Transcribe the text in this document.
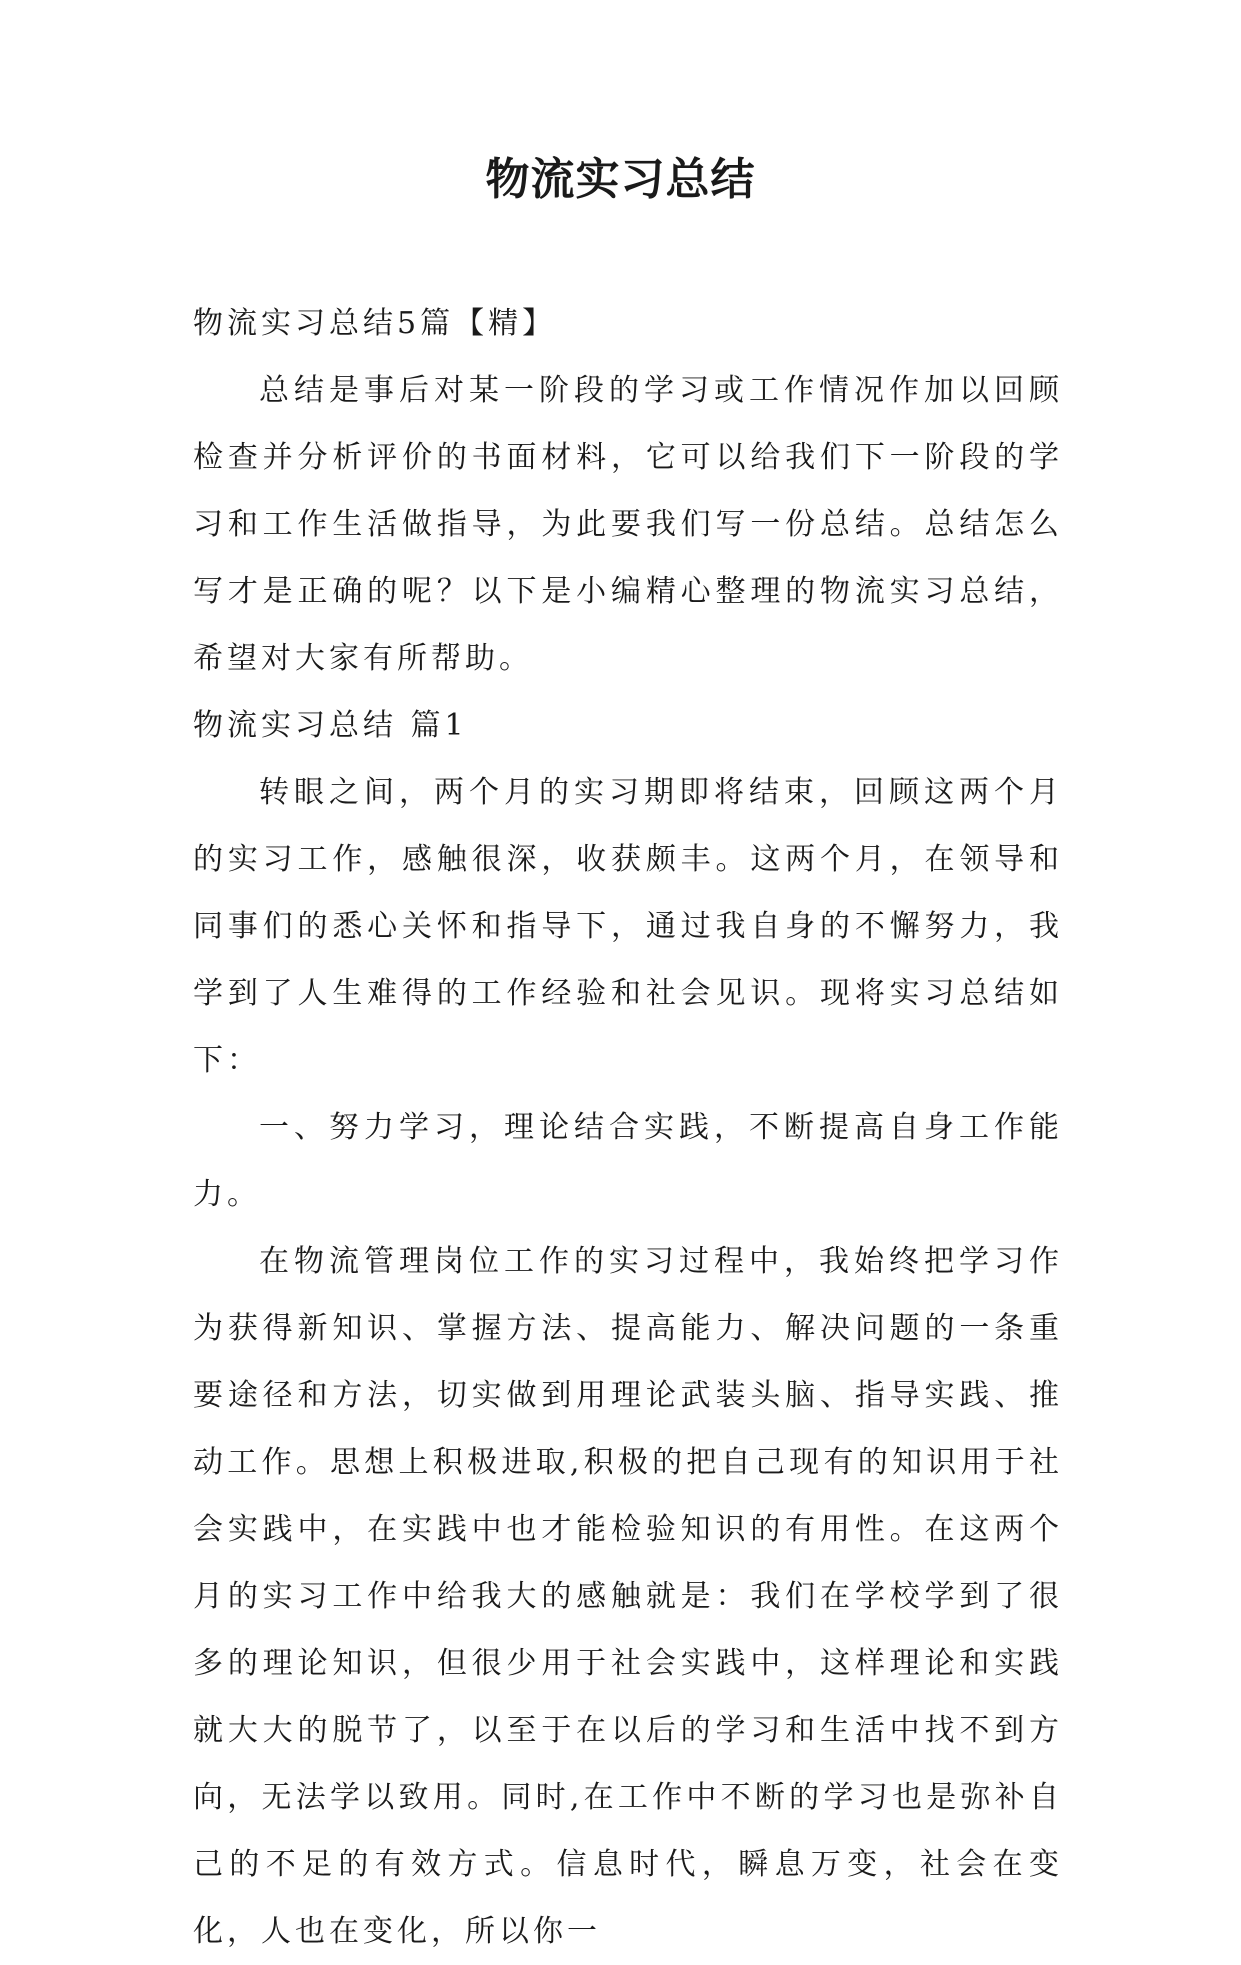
物流实习总结

物流实习总结5篇【精】

总结是事后对某一阶段的学习或工作情况作加以回顾检查并分析评价的书面材料，它可以给我们下一阶段的学习和工作生活做指导，为此要我们写一份总结。总结怎么写才是正确的呢？以下是小编精心整理的物流实习总结，希望对大家有所帮助。

物流实习总结 篇1

转眼之间，两个月的实习期即将结束，回顾这两个月的实习工作，感触很深，收获颇丰。这两个月，在领导和同事们的悉心关怀和指导下，通过我自身的不懈努力，我学到了人生难得的工作经验和社会见识。现将实习总结如下：

一、努力学习，理论结合实践，不断提高自身工作能力。

在物流管理岗位工作的实习过程中，我始终把学习作为获得新知识、掌握方法、提高能力、解决问题的一条重要途径和方法，切实做到用理论武装头脑、指导实践、推动工作。思想上积极进取,积极的把自己现有的知识用于社会实践中，在实践中也才能检验知识的有用性。在这两个月的实习工作中给我大的感触就是：我们在学校学到了很多的理论知识，但很少用于社会实践中，这样理论和实践就大大的脱节了，以至于在以后的学习和生活中找不到方向，无法学以致用。同时,在工作中不断的学习也是弥补自己的不足的有效方式。信息时代，瞬息万变，社会在变化，人也在变化，所以你一
